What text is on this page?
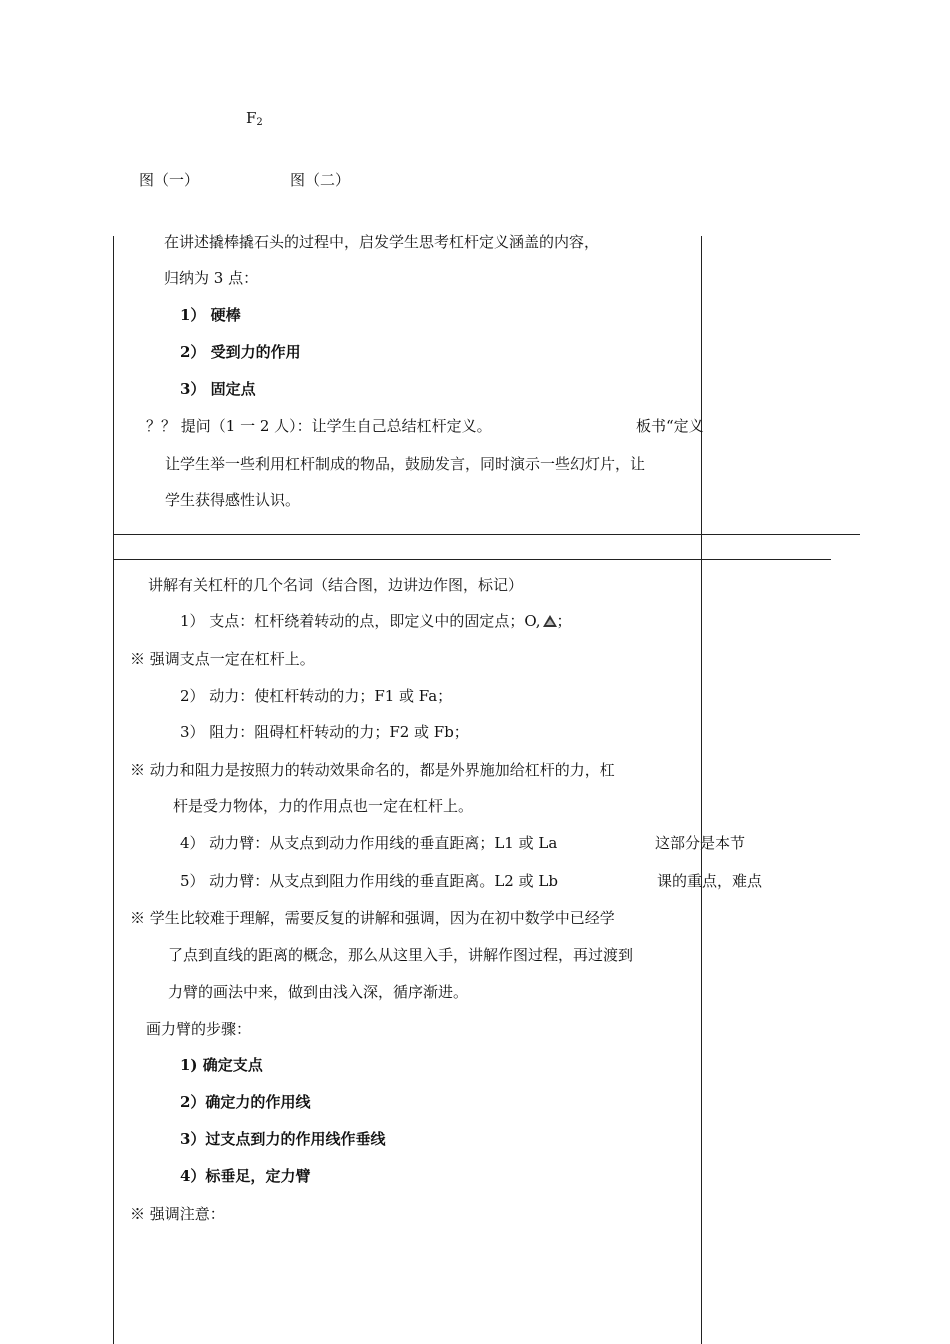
$F_2$
图（一）	图（二）
在讲述撬棒撬石头的过程中，启发学生思考杠杆定义涵盖的内容，
归纳为 3 点：
1） 硬棒
2） 受到力的作用
3） 固定点
？？ 提问（1 一 2 人）：让学生自己总结杠杆定义。	板书“定义
让学生举一些利用杠杆制成的物品，鼓励发言，同时演示一些幻灯片，让
学生获得感性认识。
讲解有关杠杆的几个名词（结合图，边讲边作图，标记）
1） 支点：杠杆绕着转动的点，即定义中的固定点；O, ；
※ 强调支点一定在杠杆上。
2） 动力：使杠杆转动的力；F1 或 Fa；
3） 阻力：阻碍杠杆转动的力；F2 或 Fb；
※ 动力和阻力是按照力的转动效果命名的，都是外界施加给杠杆的力，杠
杆是受力物体，力的作用点也一定在杠杆上。
4） 动力臂：从支点到动力作用线的垂直距离；L1 或 La	这部分是本节
5） 动力臂：从支点到阻力作用线的垂直距离。L2 或 Lb	课的重点，难点
※ 学生比较难于理解，需要反复的讲解和强调，因为在初中数学中已经学
了点到直线的距离的概念，那么从这里入手，讲解作图过程，再过渡到
力臂的画法中来，做到由浅入深，循序渐进。
画力臂的步骤：
1) 确定支点
2）确定力的作用线
3）过支点到力的作用线作垂线
4）标垂足，定力臂
※ 强调注意：
